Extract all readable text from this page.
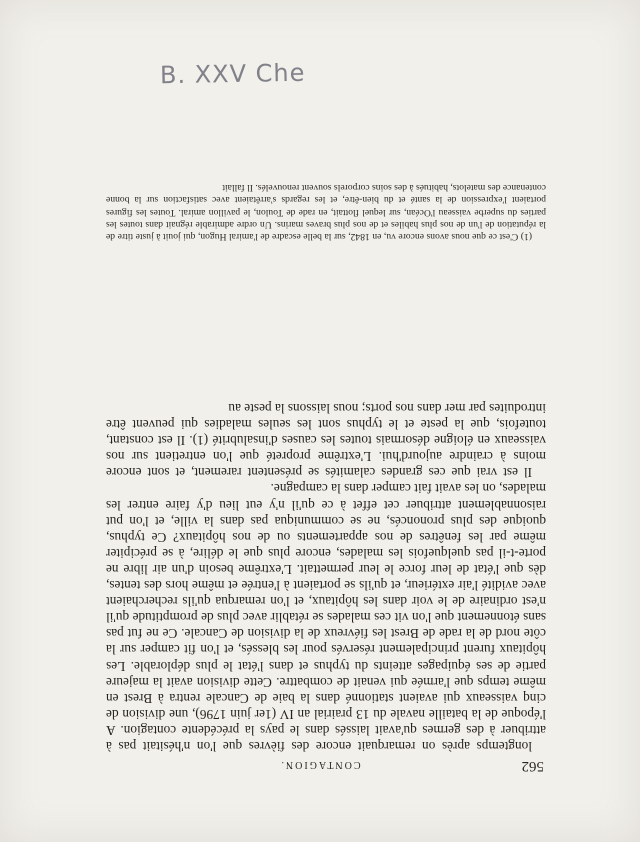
562
CONTAGION.

longtemps après on remarquait encore des fièvres que l'on n'hésitait pas à attribuer à des germes qu'avait laissés dans le pays la précédente contagion. A l'époque de la bataille navale du 13 prairial an IV (1er juin 1796), une division de cinq vaisseaux qui avaient stationné dans la baie de Cancale rentra à Brest en même temps que l'armée qui venait de combattre. Cette division avait la majeure partie de ses équipages atteints du typhus et dans l'état le plus déplorable. Les hôpitaux furent principalement réservés pour les blessés, et l'on fit camper sur la côte nord de la rade de Brest les fiévreux de la division de Cancale. Ce ne fut pas sans étonnement que l'on vit ces malades se rétablir avec plus de promptitude qu'il n'est ordinaire de le voir dans les hôpitaux, et l'on remarqua qu'ils recherchaient avec avidité l'air extérieur, et qu'ils se portaient à l'entrée et même hors des tentes, dès que l'état de leur force le leur permettait. L'extrême besoin d'un air libre ne porte-t-il pas quelquefois les malades, encore plus que le délire, à se précipiter même par les fenêtres de nos appartements ou de nos hôpitaux? Ce typhus, quoique des plus prononcés, ne se communiqua pas dans la ville, et l'on put raisonnablement attribuer cet effet à ce qu'il n'y eut lieu d'y faire entrer les malades, on les avait fait camper dans la campagne.

Il est vrai que ces grandes calamités se présentent rarement, et sont encore moins à craindre aujourd'hui. L'extrême propreté que l'on entretient sur nos vaisseaux en éloigne désormais toutes les causes d'insalubrité (1). Il est constant, toutefois, que la peste et le typhus sont les seules maladies qui peuvent être introduites par mer dans nos ports; nous laissons la peste au

(1) C'est ce que nous avons encore vu, en 1842, sur la belle escadre de l'amiral Hugon, qui jouit à juste titre de la réputation de l'un de nos plus habiles et de nos plus braves marins. Un ordre admirable régnait dans toutes les parties du superbe vaisseau l'Océan, sur lequel flottait, en rade de Toulon, le pavillon amiral. Toutes les figures portaient l'expression de la santé et du bien-être, et les regards s'arrêtaient avec satisfaction sur la bonne contenance des matelots, habitués à des soins corporels souvent renouvelés. Il fallait

B. XXV Che
